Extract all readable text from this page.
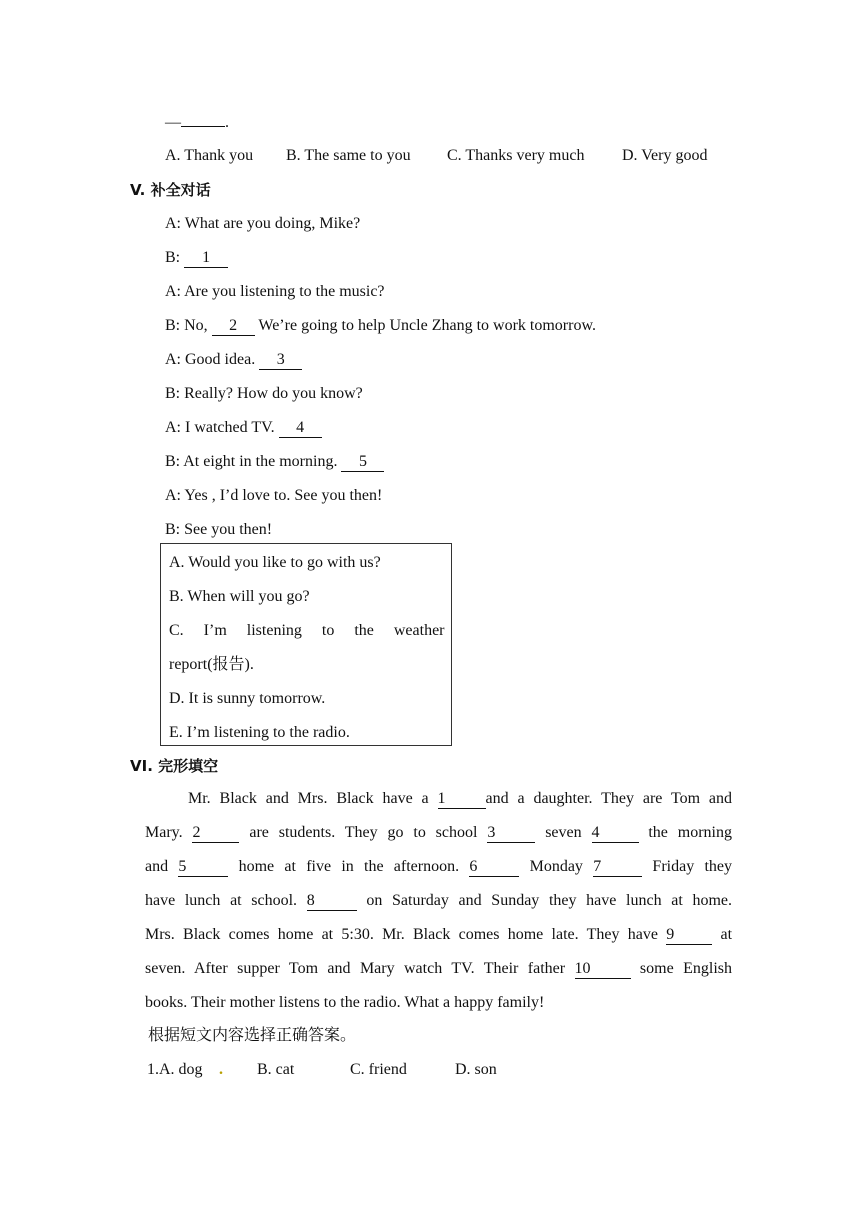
—	.
A. Thank you B. The same to you C. Thanks very much D. Very good
V. 补全对话
A: What are you doing, Mike?
B: 1
A: Are you listening to the music?
B: No, 2 We’re going to help Uncle Zhang to work tomorrow.
A: Good idea. 3
B: Really? How do you know?
A: I watched TV. 4
B: At eight in the morning. 5
A: Yes , I’d love to. See you then!
B: See you then!
A. Would you like to go with us?
B. When will you go?
C.  I’m  listening  to  the  weather
report(报告).
D. It is sunny tomorrow.
E. I’m listening to the radio.
VI. 完形填空
Mr. Black and Mrs. Black have a 1	and a daughter. They are Tom and
Mary. 2 are students. They go to school 3	seven 4 the morning
and 5	home at five in the afternoon. 6	Monday 7	Friday they
have lunch at school. 8	on Saturday and Sunday they have lunch at home.
Mrs. Black comes home at 5:30. Mr. Black comes home late. They have 9 at
seven. After supper Tom and Mary watch TV. Their father 10	some English
books. Their mother listens to the radio. What a happy family!
根据短文内容选择正确答案。
1.A. dog . B. cat	C. friend	D. son
